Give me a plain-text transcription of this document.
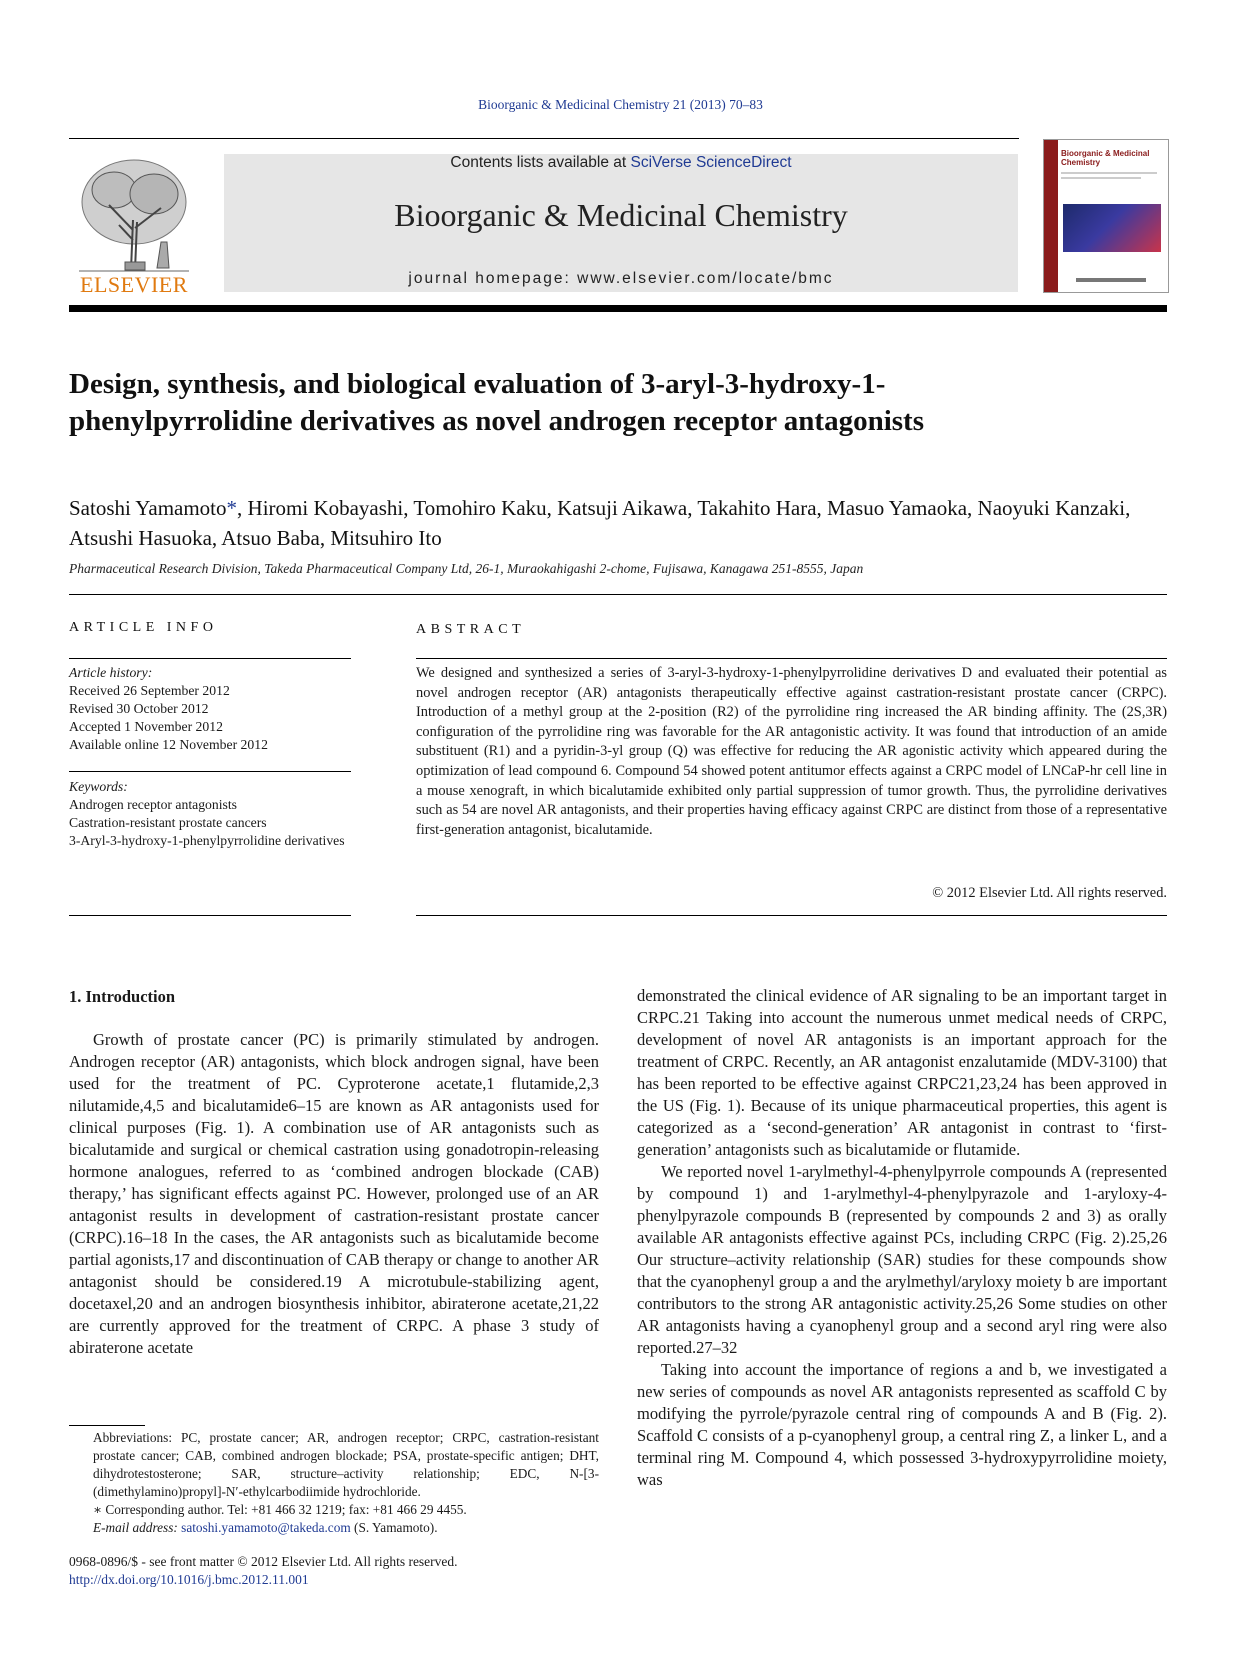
Bioorganic & Medicinal Chemistry 21 (2013) 70–83
ELSEVIER
Contents lists available at SciVerse ScienceDirect
Bioorganic & Medicinal Chemistry
journal homepage: www.elsevier.com/locate/bmc
Bioorganic & Medicinal Chemistry
Design, synthesis, and biological evaluation of 3-aryl-3-hydroxy-1-phenylpyrrolidine derivatives as novel androgen receptor antagonists
Satoshi Yamamoto*, Hiromi Kobayashi, Tomohiro Kaku, Katsuji Aikawa, Takahito Hara, Masuo Yamaoka, Naoyuki Kanzaki, Atsushi Hasuoka, Atsuo Baba, Mitsuhiro Ito
Pharmaceutical Research Division, Takeda Pharmaceutical Company Ltd, 26-1, Muraokahigashi 2-chome, Fujisawa, Kanagawa 251-8555, Japan
ARTICLE INFO	ABSTRACT
Article history:
Received 26 September 2012
Revised 30 October 2012
Accepted 1 November 2012
Available online 12 November 2012
Keywords:
Androgen receptor antagonists
Castration-resistant prostate cancers
3-Aryl-3-hydroxy-1-phenylpyrrolidine derivatives
We designed and synthesized a series of 3-aryl-3-hydroxy-1-phenylpyrrolidine derivatives D and evaluated their potential as novel androgen receptor (AR) antagonists therapeutically effective against castration-resistant prostate cancer (CRPC). Introduction of a methyl group at the 2-position (R2) of the pyrrolidine ring increased the AR binding affinity. The (2S,3R) configuration of the pyrrolidine ring was favorable for the AR antagonistic activity. It was found that introduction of an amide substituent (R1) and a pyridin-3-yl group (Q) was effective for reducing the AR agonistic activity which appeared during the optimization of lead compound 6. Compound 54 showed potent antitumor effects against a CRPC model of LNCaP-hr cell line in a mouse xenograft, in which bicalutamide exhibited only partial suppression of tumor growth. Thus, the pyrrolidine derivatives such as 54 are novel AR antagonists, and their properties having efficacy against CRPC are distinct from those of a representative first-generation antagonist, bicalutamide.
© 2012 Elsevier Ltd. All rights reserved.
1. Introduction

Growth of prostate cancer (PC) is primarily stimulated by androgen. Androgen receptor (AR) antagonists, which block androgen signal, have been used for the treatment of PC. Cyproterone acetate,1 flutamide,2,3 nilutamide,4,5 and bicalutamide6–15 are known as AR antagonists used for clinical purposes (Fig. 1). A combination use of AR antagonists such as bicalutamide and surgical or chemical castration using gonadotropin-releasing hormone analogues, referred to as ‘combined androgen blockade (CAB) therapy,’ has significant effects against PC. However, prolonged use of an AR antagonist results in development of castration-resistant prostate cancer (CRPC).16–18 In the cases, the AR antagonists such as bicalutamide become partial agonists,17 and discontinuation of CAB therapy or change to another AR antagonist should be considered.19 A microtubule-stabilizing agent, docetaxel,20 and an androgen biosynthesis inhibitor, abiraterone acetate,21,22 are currently approved for the treatment of CRPC. A phase 3 study of abiraterone acetate

demonstrated the clinical evidence of AR signaling to be an important target in CRPC.21 Taking into account the numerous unmet medical needs of CRPC, development of novel AR antagonists is an important approach for the treatment of CRPC. Recently, an AR antagonist enzalutamide (MDV-3100) that has been reported to be effective against CRPC21,23,24 has been approved in the US (Fig. 1). Because of its unique pharmaceutical properties, this agent is categorized as a ‘second-generation’ AR antagonist in contrast to ‘first-generation’ antagonists such as bicalutamide or flutamide.

We reported novel 1-arylmethyl-4-phenylpyrrole compounds A (represented by compound 1) and 1-arylmethyl-4-phenylpyrazole and 1-aryloxy-4-phenylpyrazole compounds B (represented by compounds 2 and 3) as orally available AR antagonists effective against PCs, including CRPC (Fig. 2).25,26 Our structure–activity relationship (SAR) studies for these compounds show that the cyanophenyl group a and the arylmethyl/aryloxy moiety b are important contributors to the strong AR antagonistic activity.25,26 Some studies on other AR antagonists having a cyanophenyl group and a second aryl ring were also reported.27–32

Taking into account the importance of regions a and b, we investigated a new series of compounds as novel AR antagonists represented as scaffold C by modifying the pyrrole/pyrazole central ring of compounds A and B (Fig. 2). Scaffold C consists of a p-cyanophenyl group, a central ring Z, a linker L, and a terminal ring M. Compound 4, which possessed 3-hydroxypyrrolidine moiety, was

Abbreviations: PC, prostate cancer; AR, androgen receptor; CRPC, castration-resistant prostate cancer; CAB, combined androgen blockade; PSA, prostate-specific antigen; DHT, dihydrotestosterone; SAR, structure–activity relationship; EDC, N-[3-(dimethylamino)propyl]-N′-ethylcarbodiimide hydrochloride.

∗ Corresponding author. Tel: +81 466 32 1219; fax: +81 466 29 4455.

E-mail address: satoshi.yamamoto@takeda.com (S. Yamamoto).

0968-0896/$ - see front matter © 2012 Elsevier Ltd. All rights reserved.
http://dx.doi.org/10.1016/j.bmc.2012.11.001
